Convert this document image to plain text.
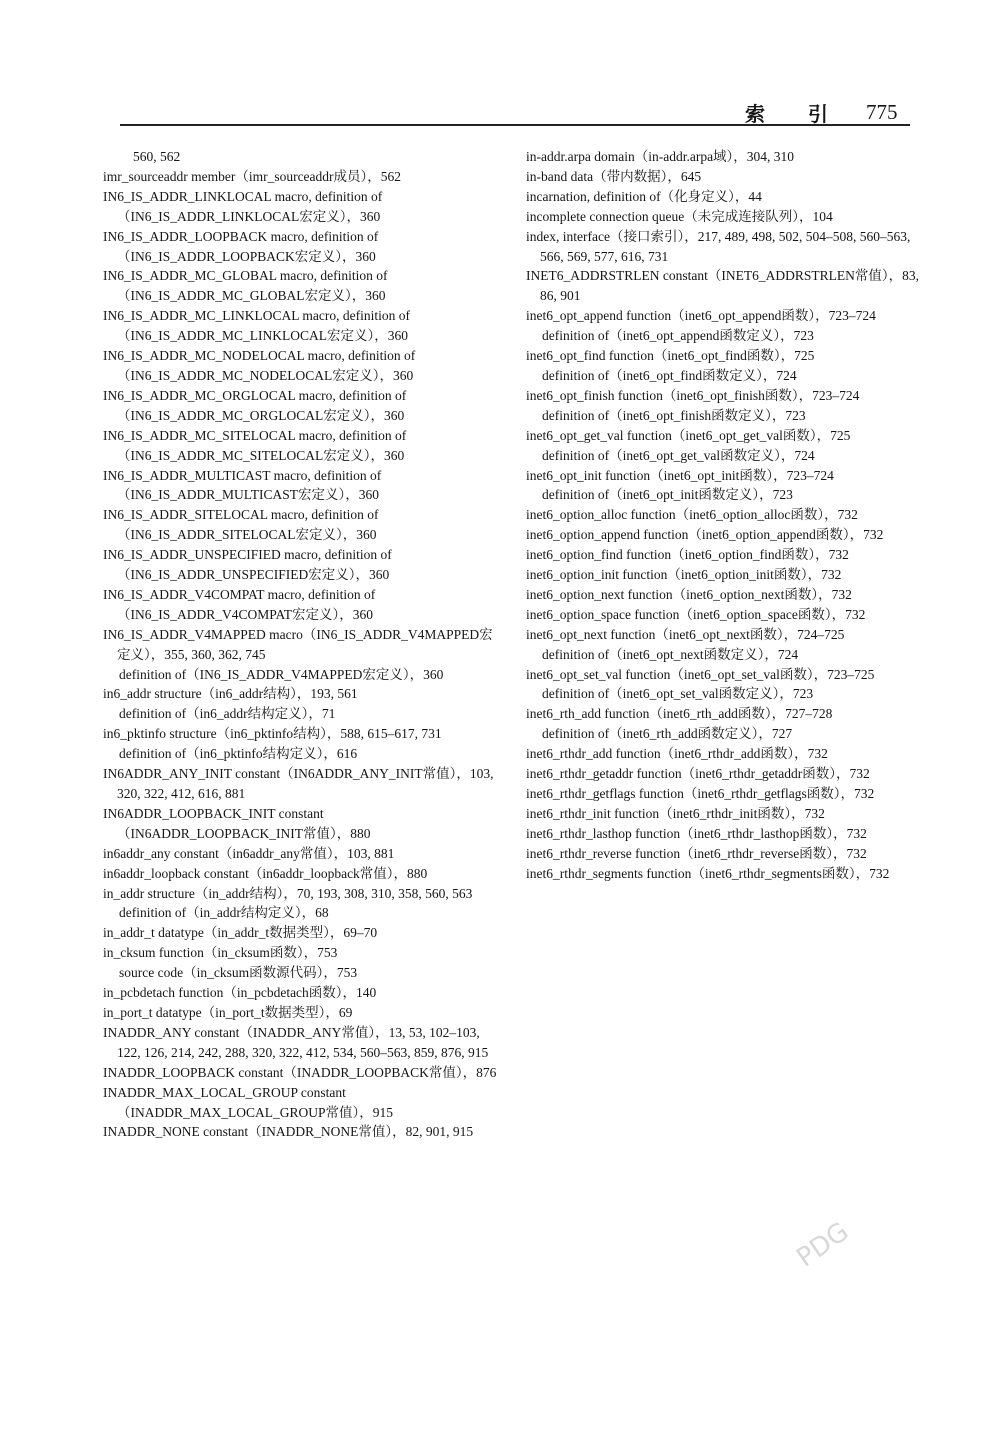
索 引 775
560, 562
imr_sourceaddr member（imr_sourceaddr成员），562
IN6_IS_ADDR_LINKLOCAL macro, definition of（IN6_IS_ADDR_LINKLOCAL宏定义），360
IN6_IS_ADDR_LOOPBACK macro, definition of（IN6_IS_ADDR_LOOPBACK宏定义），360
IN6_IS_ADDR_MC_GLOBAL macro, definition of（IN6_IS_ADDR_MC_GLOBAL宏定义），360
IN6_IS_ADDR_MC_LINKLOCAL macro, definition of（IN6_IS_ADDR_MC_LINKLOCAL宏定义），360
IN6_IS_ADDR_MC_NODELOCAL macro, definition of（IN6_IS_ADDR_MC_NODELOCAL宏定义），360
IN6_IS_ADDR_MC_ORGLOCAL macro, definition of（IN6_IS_ADDR_MC_ORGLOCAL宏定义），360
IN6_IS_ADDR_MC_SITELOCAL macro, definition of（IN6_IS_ADDR_MC_SITELOCAL宏定义），360
IN6_IS_ADDR_MULTICAST macro, definition of（IN6_IS_ADDR_MULTICAST宏定义），360
IN6_IS_ADDR_SITELOCAL macro, definition of（IN6_IS_ADDR_SITELOCAL宏定义），360
IN6_IS_ADDR_UNSPECIFIED macro, definition of（IN6_IS_ADDR_UNSPECIFIED宏定义），360
IN6_IS_ADDR_V4COMPAT macro, definition of（IN6_IS_ADDR_V4COMPAT宏定义），360
IN6_IS_ADDR_V4MAPPED macro（IN6_IS_ADDR_V4MAPPED宏定义），355, 360, 362, 745
definition of（IN6_IS_ADDR_V4MAPPED宏定义），360
in6_addr structure（in6_addr结构），193, 561
definition of（in6_addr结构定义），71
in6_pktinfo structure（in6_pktinfo结构），588, 615–617, 731
definition of（in6_pktinfo结构定义），616
IN6ADDR_ANY_INIT constant（IN6ADDR_ANY_INIT常值），103, 320, 322, 412, 616, 881
IN6ADDR_LOOPBACK_INIT constant（IN6ADDR_LOOPBACK_INIT常值），880
in6addr_any constant（in6addr_any常值），103, 881
in6addr_loopback constant（in6addr_loopback常值），880
in_addr structure（in_addr结构），70, 193, 308, 310, 358, 560, 563
definition of（in_addr结构定义），68
in_addr_t datatype（in_addr_t数据类型），69–70
in_cksum function（in_cksum函数），753
source code（in_cksum函数源代码），753
in_pcbdetach function（in_pcbdetach函数），140
in_port_t datatype（in_port_t数据类型），69
INADDR_ANY constant（INADDR_ANY常值），13, 53, 102–103, 122, 126, 214, 242, 288, 320, 322, 412, 534, 560–563, 859, 876, 915
INADDR_LOOPBACK constant（INADDR_LOOPBACK常值），876
INADDR_MAX_LOCAL_GROUP constant（INADDR_MAX_LOCAL_GROUP常值），915
INADDR_NONE constant（INADDR_NONE常值），82, 901, 915
in-addr.arpa domain（in-addr.arpa域），304, 310
in-band data（带内数据），645
incarnation, definition of（化身定义），44
incomplete connection queue（未完成连接队列），104
index, interface（接口索引），217, 489, 498, 502, 504–508, 560–563, 566, 569, 577, 616, 731
INET6_ADDRSTRLEN constant（INET6_ADDRSTRLEN常值），83, 86, 901
inet6_opt_append function（inet6_opt_append函数），723–724
definition of（inet6_opt_append函数定义），723
inet6_opt_find function（inet6_opt_find函数），725
definition of（inet6_opt_find函数定义），724
inet6_opt_finish function（inet6_opt_finish函数），723–724
definition of（inet6_opt_finish函数定义），723
inet6_opt_get_val function（inet6_opt_get_val函数），725
definition of（inet6_opt_get_val函数定义），724
inet6_opt_init function（inet6_opt_init函数），723–724
definition of（inet6_opt_init函数定义），723
inet6_option_alloc function（inet6_option_alloc函数），732
inet6_option_append function（inet6_option_append函数），732
inet6_option_find function（inet6_option_find函数），732
inet6_option_init function（inet6_option_init函数），732
inet6_option_next function（inet6_option_next函数），732
inet6_option_space function（inet6_option_space函数），732
inet6_opt_next function（inet6_opt_next函数），724–725
definition of（inet6_opt_next函数定义），724
inet6_opt_set_val function（inet6_opt_set_val函数），723–725
definition of（inet6_opt_set_val函数定义），723
inet6_rth_add function（inet6_rth_add函数），727–728
definition of（inet6_rth_add函数定义），727
inet6_rthdr_add function（inet6_rthdr_add函数），732
inet6_rthdr_getaddr function（inet6_rthdr_getaddr函数），732
inet6_rthdr_getflags function（inet6_rthdr_getflags函数），732
inet6_rthdr_init function（inet6_rthdr_init函数），732
inet6_rthdr_lasthop function（inet6_rthdr_lasthop函数），732
inet6_rthdr_reverse function（inet6_rthdr_reverse函数），732
inet6_rthdr_segments function（inet6_rthdr_segments函数），732
PDG
